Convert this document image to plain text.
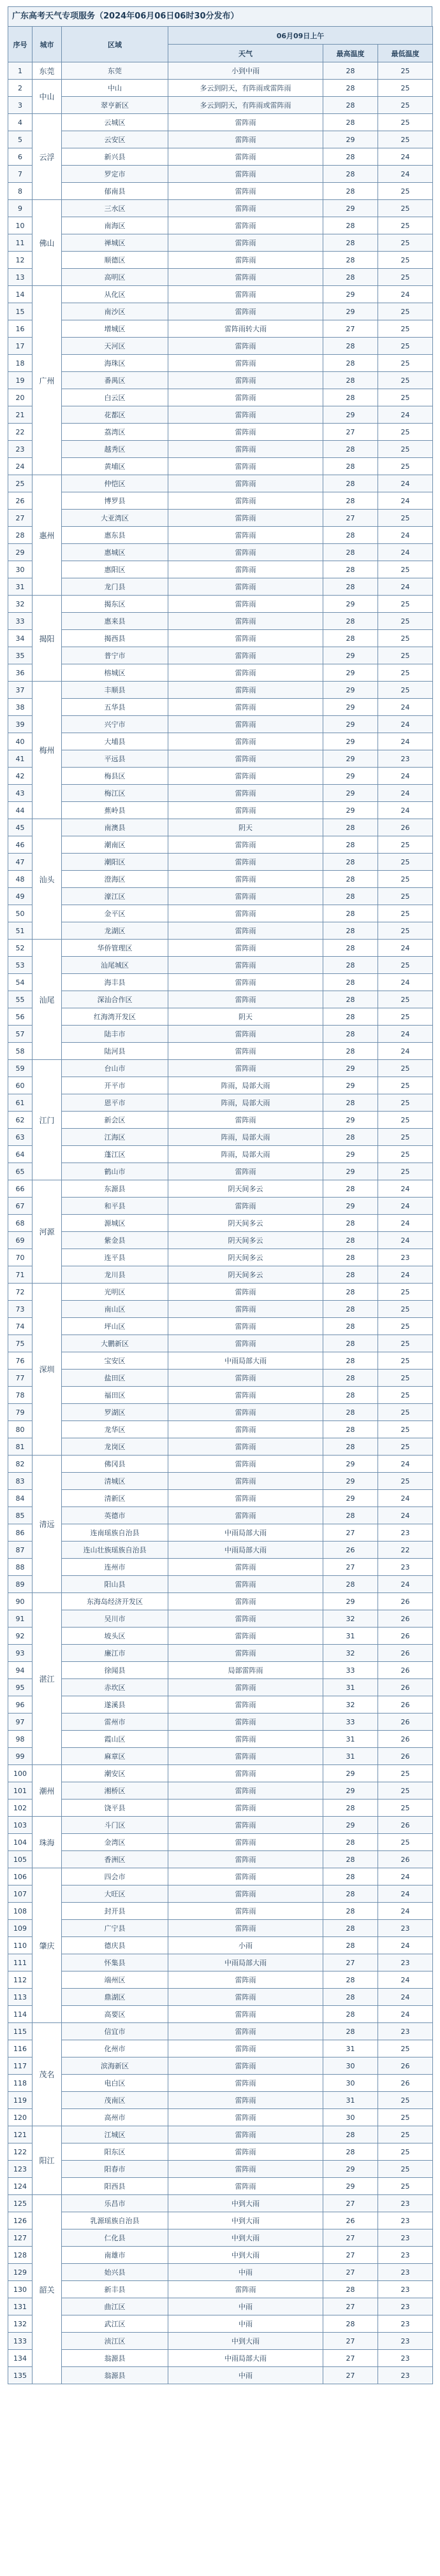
广东高考天气专项服务（2024年06月06日06时30分发布）
序号	城市	区域	06月09日上午		
			天气	最高温度	最低温度
1	东莞	东莞	小到中雨	28	25
2	中山	中山	多云到阴天，有阵雨或雷阵雨	28	25
3		翠亨新区	多云到阴天，有阵雨或雷阵雨	28	25
4	云浮	云城区	雷阵雨	28	25
5		云安区	雷阵雨	29	25
6		新兴县	雷阵雨	28	24
7		罗定市	雷阵雨	28	24
8		郁南县	雷阵雨	28	25
9	佛山	三水区	雷阵雨	29	25
10		南海区	雷阵雨	28	25
11		禅城区	雷阵雨	28	25
12		顺德区	雷阵雨	28	25
13		高明区	雷阵雨	28	25
14	广州	从化区	雷阵雨	29	24
15		南沙区	雷阵雨	29	25
16		增城区	雷阵雨转大雨	27	25
17		天河区	雷阵雨	28	25
18		海珠区	雷阵雨	28	25
19		番禺区	雷阵雨	28	25
20		白云区	雷阵雨	28	25
21		花都区	雷阵雨	29	24
22		荔湾区	雷阵雨	27	25
23		越秀区	雷阵雨	28	25
24		黄埔区	雷阵雨	28	25
25	惠州	仲恺区	雷阵雨	28	24
26		博罗县	雷阵雨	28	24
27		大亚湾区	雷阵雨	27	25
28		惠东县	雷阵雨	28	24
29		惠城区	雷阵雨	28	24
30		惠阳区	雷阵雨	28	25
31		龙门县	雷阵雨	28	24
32	揭阳	揭东区	雷阵雨	29	25
33		惠来县	雷阵雨	28	25
34		揭西县	雷阵雨	28	25
35		普宁市	雷阵雨	29	25
36		榕城区	雷阵雨	29	25
37	梅州	丰顺县	雷阵雨	29	25
38		五华县	雷阵雨	29	24
39		兴宁市	雷阵雨	29	24
40		大埔县	雷阵雨	29	24
41		平远县	雷阵雨	29	23
42		梅县区	雷阵雨	29	24
43		梅江区	雷阵雨	29	24
44		蕉岭县	雷阵雨	29	24
45	汕头	南澳县	阴天	28	26
46		潮南区	雷阵雨	28	25
47		潮阳区	雷阵雨	28	25
48		澄海区	雷阵雨	28	25
49		濠江区	雷阵雨	28	25
50		金平区	雷阵雨	28	25
51		龙湖区	雷阵雨	28	25
52	汕尾	华侨管理区	雷阵雨	28	24
53		汕尾城区	雷阵雨	28	25
54		海丰县	雷阵雨	28	24
55		深汕合作区	雷阵雨	28	25
56		红海湾开发区	阴天	28	25
57		陆丰市	雷阵雨	28	24
58		陆河县	雷阵雨	28	24
59	江门	台山市	雷阵雨	29	25
60		开平市	阵雨，局部大雨	29	25
61		恩平市	阵雨，局部大雨	28	25
62		新会区	雷阵雨	29	25
63		江海区	阵雨，局部大雨	28	25
64		蓬江区	阵雨，局部大雨	29	25
65		鹤山市	雷阵雨	29	25
66	河源	东源县	阴天间多云	28	24
67		和平县	雷阵雨	29	24
68		源城区	阴天间多云	28	24
69		紫金县	阴天间多云	28	24
70		连平县	阴天间多云	28	23
71		龙川县	阴天间多云	28	24
72	深圳	光明区	雷阵雨	28	25
73		南山区	雷阵雨	28	25
74		坪山区	雷阵雨	28	25
75		大鹏新区	雷阵雨	28	25
76		宝安区	中雨局部大雨	28	25
77		盐田区	雷阵雨	28	25
78		福田区	雷阵雨	28	25
79		罗湖区	雷阵雨	28	25
80		龙华区	雷阵雨	28	25
81		龙岗区	雷阵雨	28	25
82	清远	佛冈县	雷阵雨	29	24
83		清城区	雷阵雨	29	25
84		清新区	雷阵雨	29	24
85		英德市	雷阵雨	28	24
86		连南瑶族自治县	中雨局部大雨	27	23
87		连山壮族瑶族自治县	中雨局部大雨	26	22
88		连州市	雷阵雨	27	23
89		阳山县	雷阵雨	28	24
90	湛江	东海岛经济开发区	雷阵雨	29	26
91		吴川市	雷阵雨	32	26
92		坡头区	雷阵雨	31	26
93		廉江市	雷阵雨	32	26
94		徐闻县	局部雷阵雨	33	26
95		赤坎区	雷阵雨	31	26
96		遂溪县	雷阵雨	32	26
97		雷州市	雷阵雨	33	26
98		霞山区	雷阵雨	31	26
99		麻章区	雷阵雨	31	26
100	潮州	潮安区	雷阵雨	29	25
101		湘桥区	雷阵雨	29	25
102		饶平县	雷阵雨	28	25
103	珠海	斗门区	雷阵雨	29	26
104		金湾区	雷阵雨	28	25
105		香洲区	雷阵雨	28	26
106	肇庆	四会市	雷阵雨	28	24
107		大旺区	雷阵雨	28	24
108		封开县	雷阵雨	28	24
109		广宁县	雷阵雨	28	23
110		德庆县	小雨	28	24
111		怀集县	中雨局部大雨	27	23
112		端州区	雷阵雨	28	24
113		鼎湖区	雷阵雨	28	24
114		高要区	雷阵雨	28	24
115	茂名	信宜市	雷阵雨	28	23
116		化州市	雷阵雨	31	25
117		滨海新区	雷阵雨	30	26
118		电白区	雷阵雨	30	26
119		茂南区	雷阵雨	31	25
120		高州市	雷阵雨	30	25
121	阳江	江城区	雷阵雨	28	25
122		阳东区	雷阵雨	28	25
123		阳春市	雷阵雨	29	25
124		阳西县	雷阵雨	29	25
125	韶关	乐昌市	中到大雨	27	23
126		乳源瑶族自治县	中到大雨	26	23
127		仁化县	中到大雨	27	23
128		南雄市	中到大雨	27	23
129		始兴县	中雨	27	23
130		新丰县	雷阵雨	28	23
131		曲江区	中雨	27	23
132		武江区	中雨	28	23
133		浈江区	中到大雨	27	23
134		翁源县	中雨局部大雨	27	23
135		翁源县	中雨	27	23
